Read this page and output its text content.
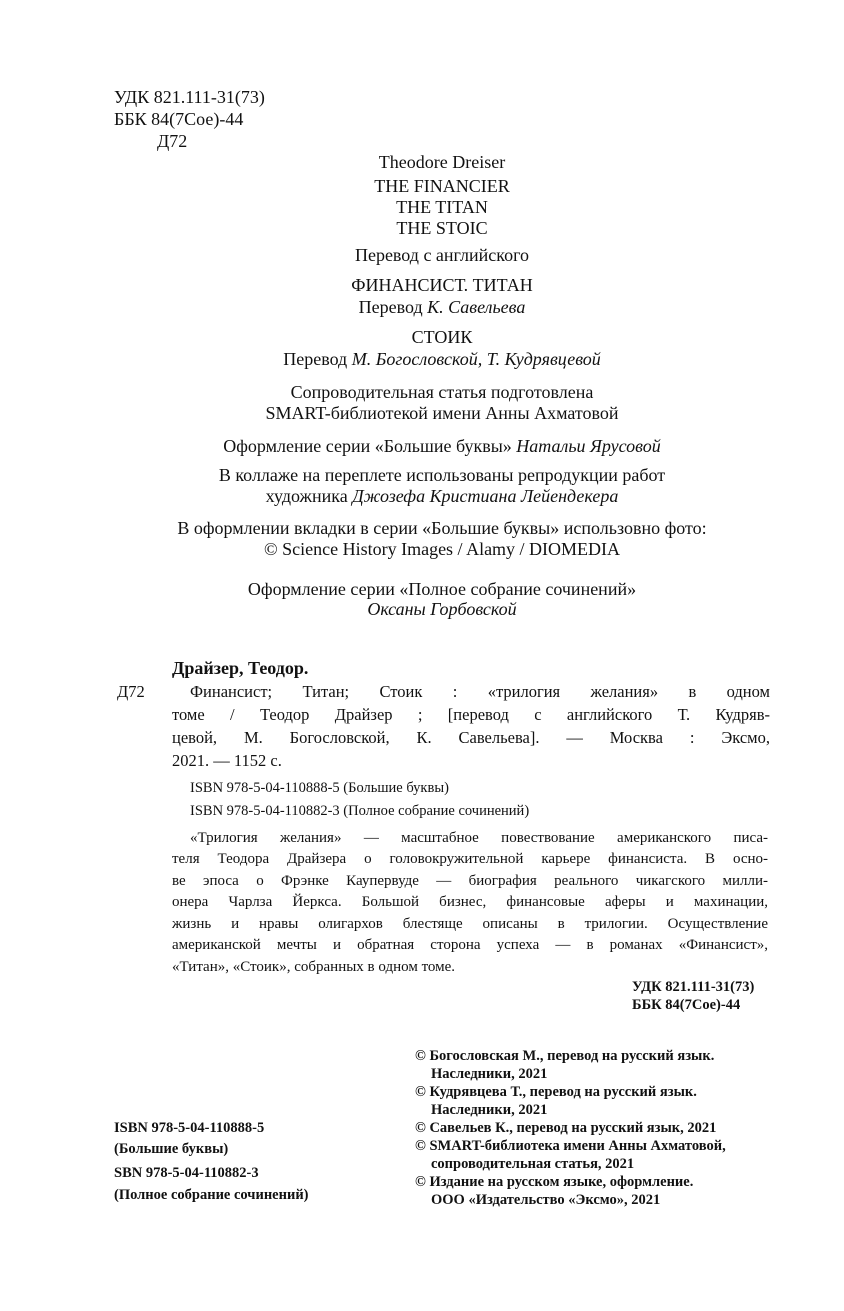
УДК 821.111-31(73)
ББК 84(7Сое)-44
Д72
Theodore Dreiser
THE FINANCIER
THE TITAN
THE STOIC
Перевод с английского
ФИНАНСИСТ. ТИТАН
Перевод К. Савельева
СТОИК
Перевод М. Богословской, Т. Кудрявцевой
Сопроводительная статья подготовлена
SMART-библиотекой имени Анны Ахматовой
Оформление серии «Большие буквы» Натальи Ярусовой
В коллаже на переплете использованы репродукции работ
художника Джозефа Кристиана Лейендекера
В оформлении вкладки в серии «Большие буквы» использовно фото:
© Science History Images / Alamy / DIOMEDIA
Оформление серии «Полное собрание сочинений»
Оксаны Горбовской
Драйзер, Теодор.
Д72	Финансист; Титан; Стоик : «трилогия желания» в одном
томе / Теодор Драйзер ; [перевод с английского Т. Кудряв-
цевой, М. Богословской, К. Савельева]. — Москва : Эксмо,
2021. — 1152 с.
ISBN 978-5-04-110888-5 (Большие буквы)
ISBN 978-5-04-110882-3 (Полное собрание сочинений)
«Трилогия желания» — масштабное повествование американского писа-
теля Теодора Драйзера о головокружительной карьере финансиста. В осно-
ве эпоса о Фрэнке Каупервуде — биография реального чикагского милли-
онера Чарлза Йеркса. Большой бизнес, финансовые аферы и махинации,
жизнь и нравы олигархов блестяще описаны в трилогии. Осуществление
американской мечты и обратная сторона успеха — в романах «Финансист»,
«Титан», «Стоик», собранных в одном томе.
УДК 821.111-31(73)
ББК 84(7Сое)-44
© Богословская М., перевод на русский язык.
Наследники, 2021
© Кудрявцева Т., перевод на русский язык.
Наследники, 2021
© Савельев К., перевод на русский язык, 2021
© SMART-библиотека имени Анны Ахматовой,
сопроводительная статья, 2021
© Издание на русском языке, оформление.
ООО «Издательство «Эксмо», 2021
ISBN 978-5-04-110888-5
(Большие буквы)
SBN 978-5-04-110882-3
(Полное собрание сочинений)
